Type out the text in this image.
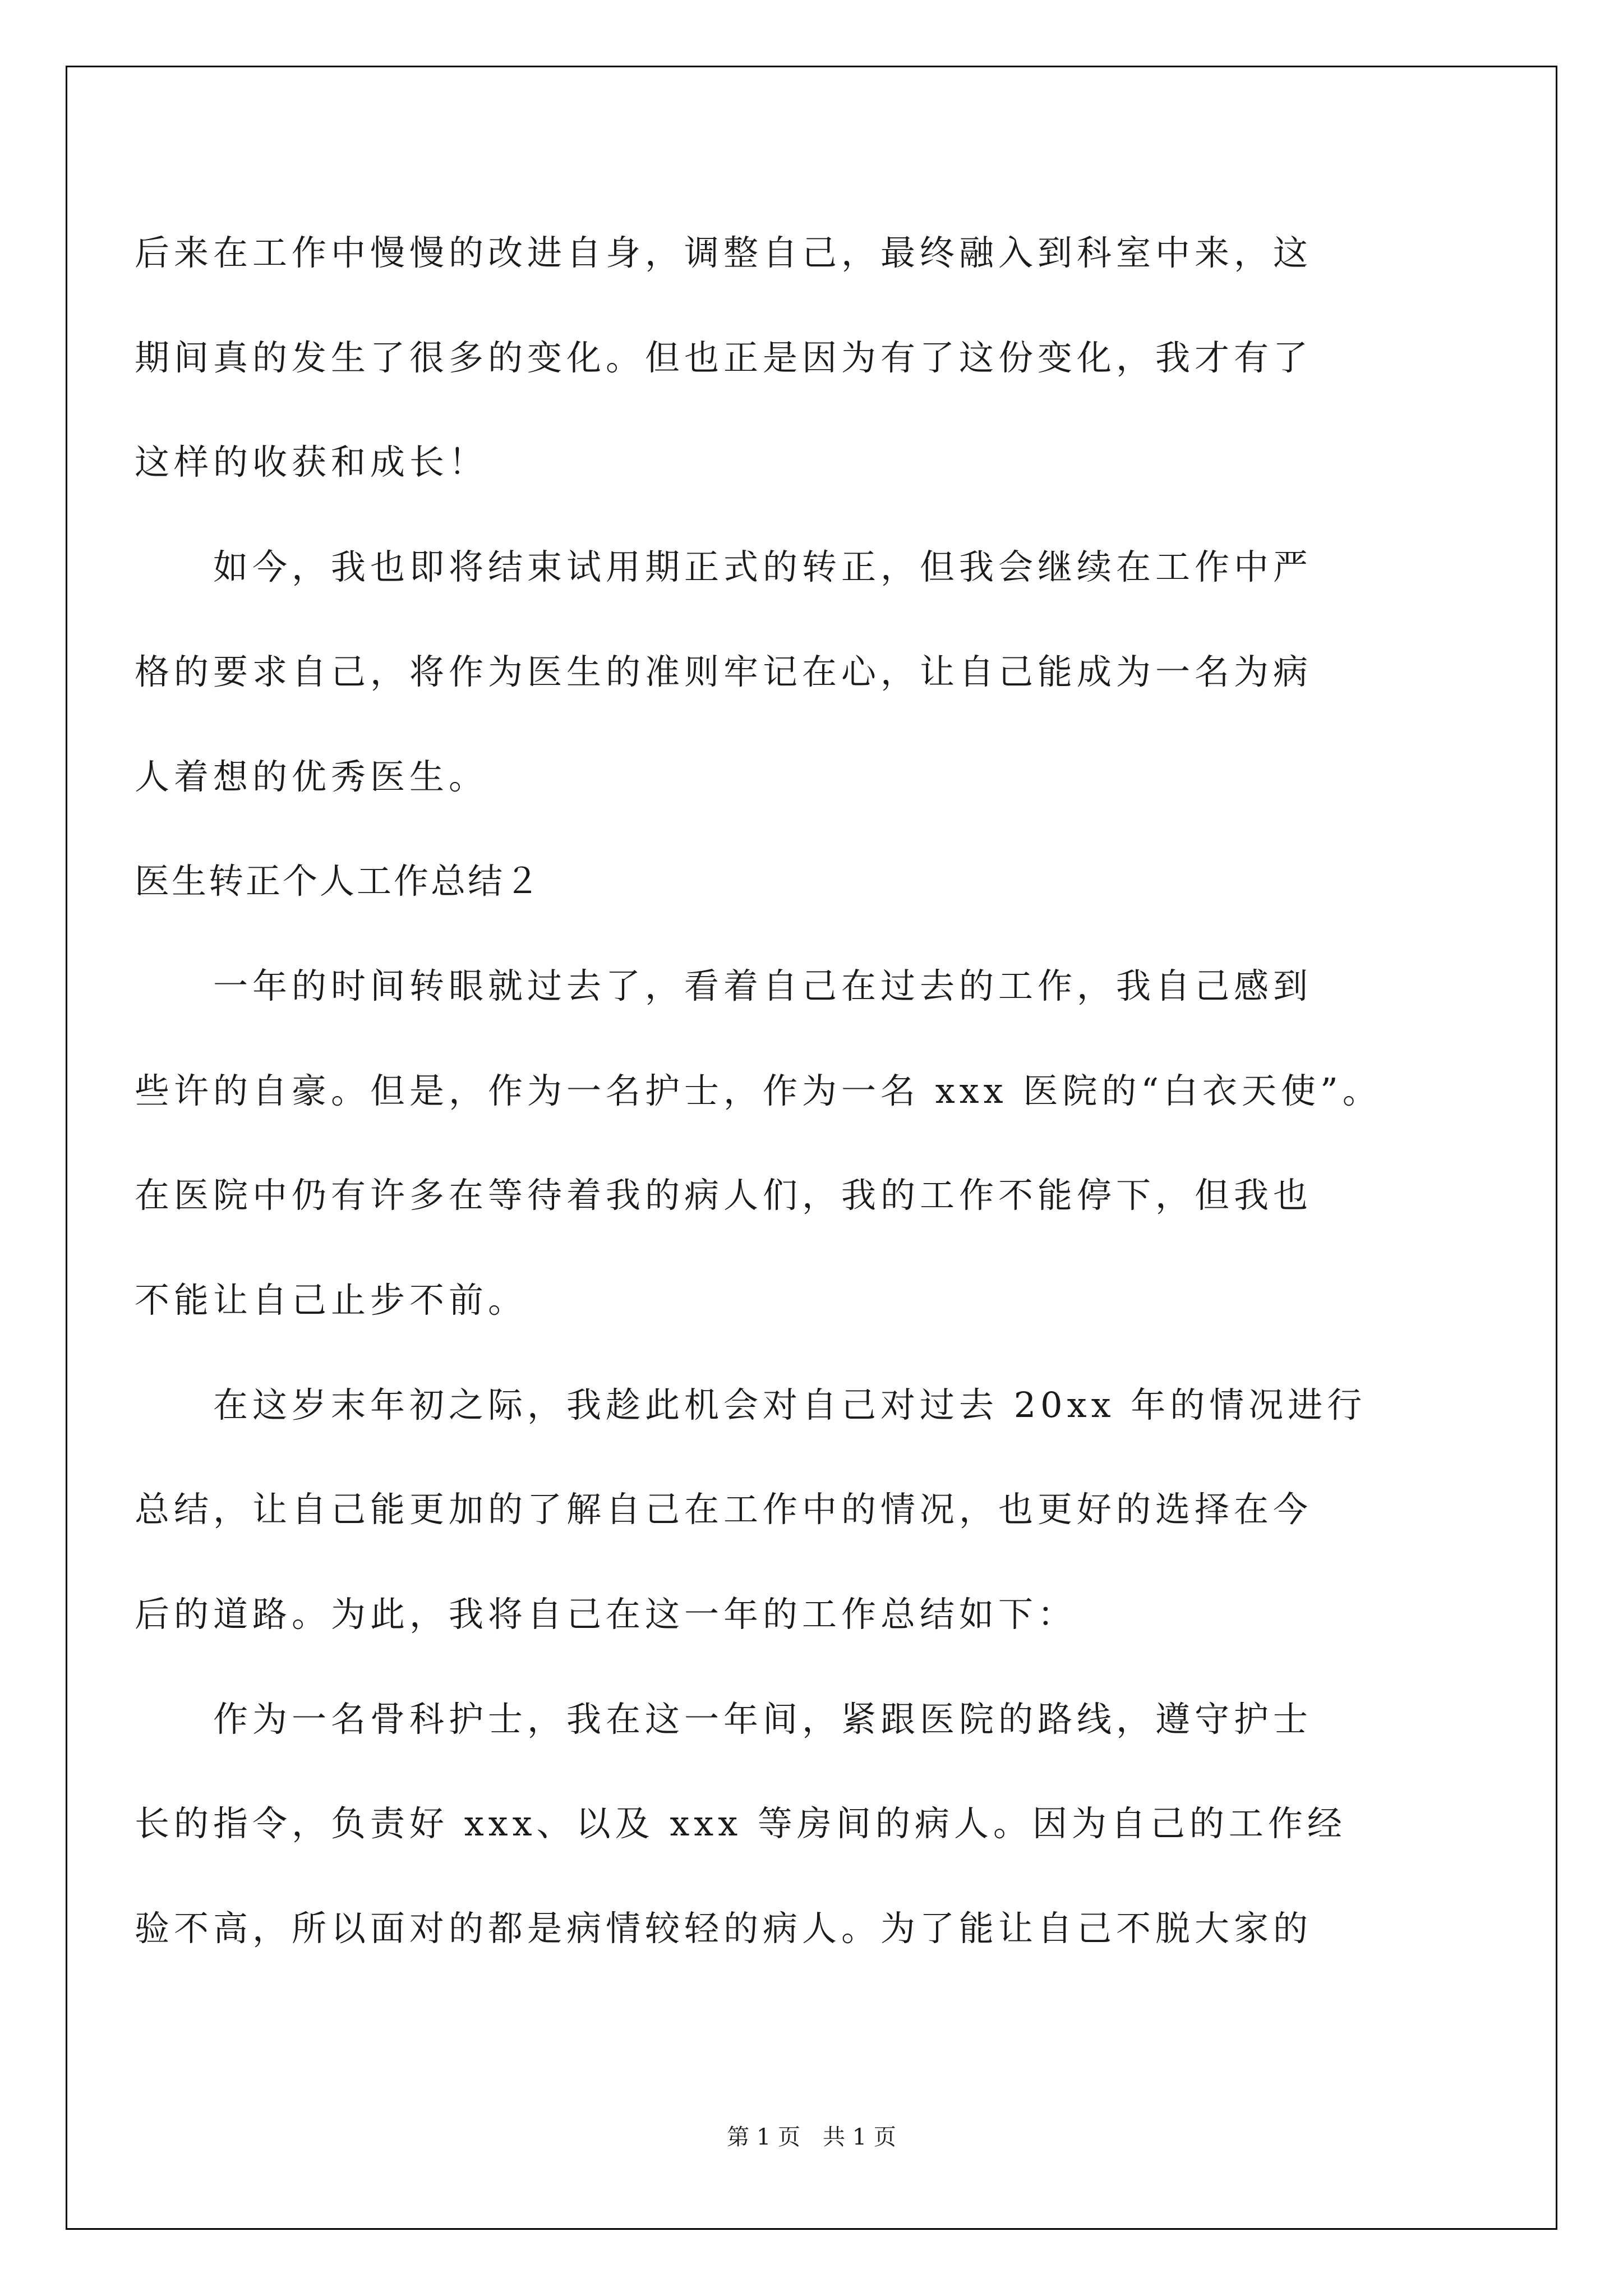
后来在工作中慢慢的改进自身，调整自己，最终融入到科室中来，这
期间真的发生了很多的变化。但也正是因为有了这份变化，我才有了
这样的收获和成长！
如今，我也即将结束试用期正式的转正，但我会继续在工作中严
格的要求自己，将作为医生的准则牢记在心，让自己能成为一名为病
人着想的优秀医生。
医生转正个人工作总结２
一年的时间转眼就过去了，看着自己在过去的工作，我自己感到
些许的自豪。但是，作为一名护士，作为一名 xxx 医院的“白衣天使”。
在医院中仍有许多在等待着我的病人们，我的工作不能停下，但我也
不能让自己止步不前。
在这岁末年初之际，我趁此机会对自己对过去 20xx 年的情况进行
总结，让自己能更加的了解自己在工作中的情况，也更好的选择在今
后的道路。为此，我将自己在这一年的工作总结如下：
作为一名骨科护士，我在这一年间，紧跟医院的路线，遵守护士
长的指令，负责好 xxx、以及 xxx 等房间的病人。因为自己的工作经
验不高，所以面对的都是病情较轻的病人。为了能让自己不脱大家的
第 1 页 共 1 页
